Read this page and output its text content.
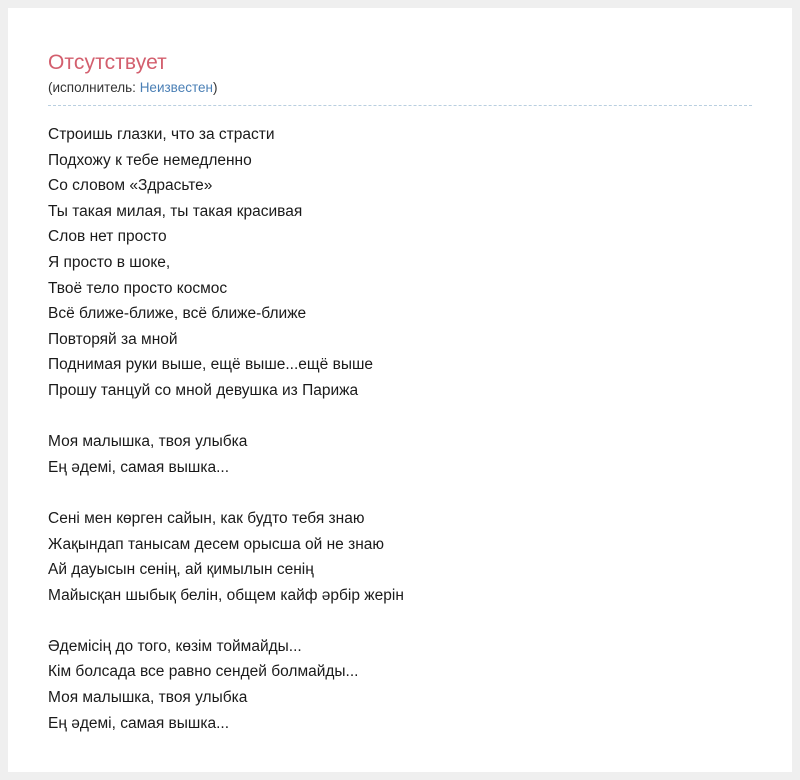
Отсутствует

(исполнитель: Неизвестен)

Строишь глазки, что за страсти
Подхожу к тебе немедленно
Со словом «Здрасьте»
Ты такая милая, ты такая красивая
Слов нет просто
Я просто в шоке,
Твоё тело просто космос
Всё ближе-ближе, всё ближе-ближе
Повторяй за мной
Поднимая руки выше, ещё выше...ещё выше
Прошу танцуй со мной девушка из Парижа
Моя малышка, твоя улыбка
Ең әдемі, самая вышка...
Сені мен көрген сайын, как будто тебя знаю
Жақындап танысам десем орысша ой не знаю
Ай дауысын сенің, ай қимылын сенің
Майысқан шыбық белін, общем кайф әрбір жерін
Әдемісің до того, көзім тоймайды...
Кім болсада все равно сендей болмайды...
Моя малышка, твоя улыбка
Ең әдемі, самая вышка...
